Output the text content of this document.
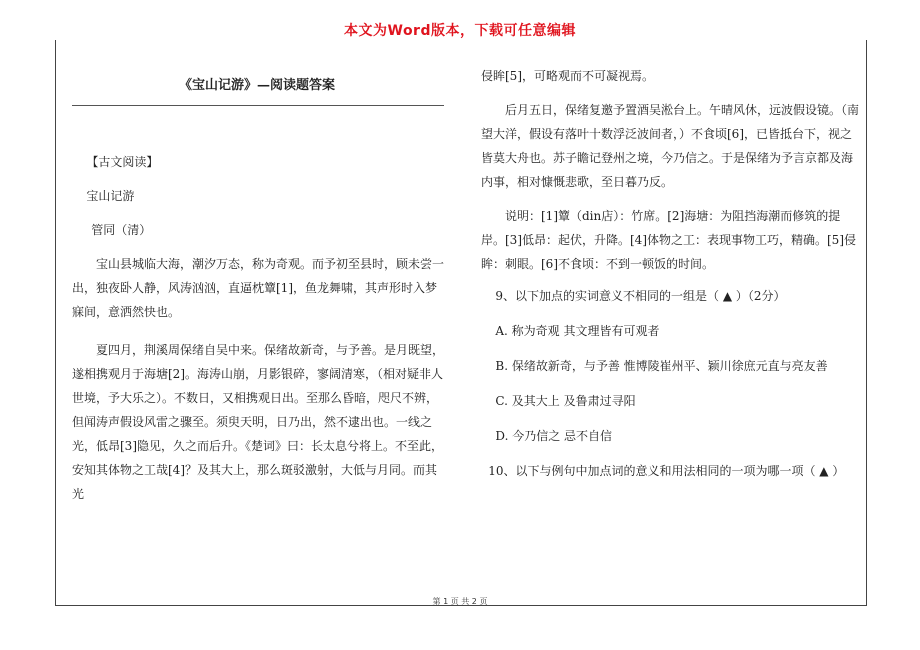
本文为Word版本，下载可任意编辑
《宝山记游》—阅读题答案

【古文阅读】

宝山记游

管同（清）

宝山县城临大海，潮汐万态，称为奇观。而予初至县时，顾未尝一出，独夜卧人静，风涛汹汹，直逼枕簟[1]，鱼龙舞啸，其声形时入梦寐间，意洒然快也。

夏四月，荆溪周保绪自吴中来。保绪故新奇，与予善。是月既望，遂相携观月于海塘[2]。海涛山崩，月影银碎，寥阔清寒，（相对疑非人世境，予大乐之）。不数日，又相携观日出。至那么昏暗，咫尺不辨，但闻涛声假设风雷之骤至。须臾天明，日乃出，然不逮出也。一线之光，低昂[3]隐见，久之而后升。《楚词》曰：长太息兮将上。不至此，安知其体物之工哉[4]？及其大上，那么斑驳激射，大低与月同。而其光

侵眸[5]，可略观而不可凝视焉。

后月五日，保绪复邀予置酒吴淞台上。午晴风休，远波假设镜。（南望大洋，假设有落叶十数浮泛波间者，）不食顷[6]，已皆抵台下，视之皆莫大舟也。苏子瞻记登州之境，今乃信之。于是保绪为予言京都及海内事，相对慷慨悲歌，至日暮乃反。

说明：[1]簟（din店）：竹席。[2]海塘：为阻挡海潮而修筑的提岸。[3]低昂：起伏，升降。[4]体物之工：表现事物工巧，精确。[5]侵眸：刺眼。[6]不食顷：不到一顿饭的时间。

9、以下加点的实词意义不相同的一组是（ ▲ ）（2分）

A. 称为奇观 其文理皆有可观者

B. 保绪故新奇，与予善 惟博陵崔州平、颖川徐庶元直与亮友善

C. 及其大上 及鲁肃过寻阳

D. 今乃信之 忌不自信

10、以下与例句中加点词的意义和用法相同的一项为哪一项（ ▲ ）

第 1 页 共 2 页
